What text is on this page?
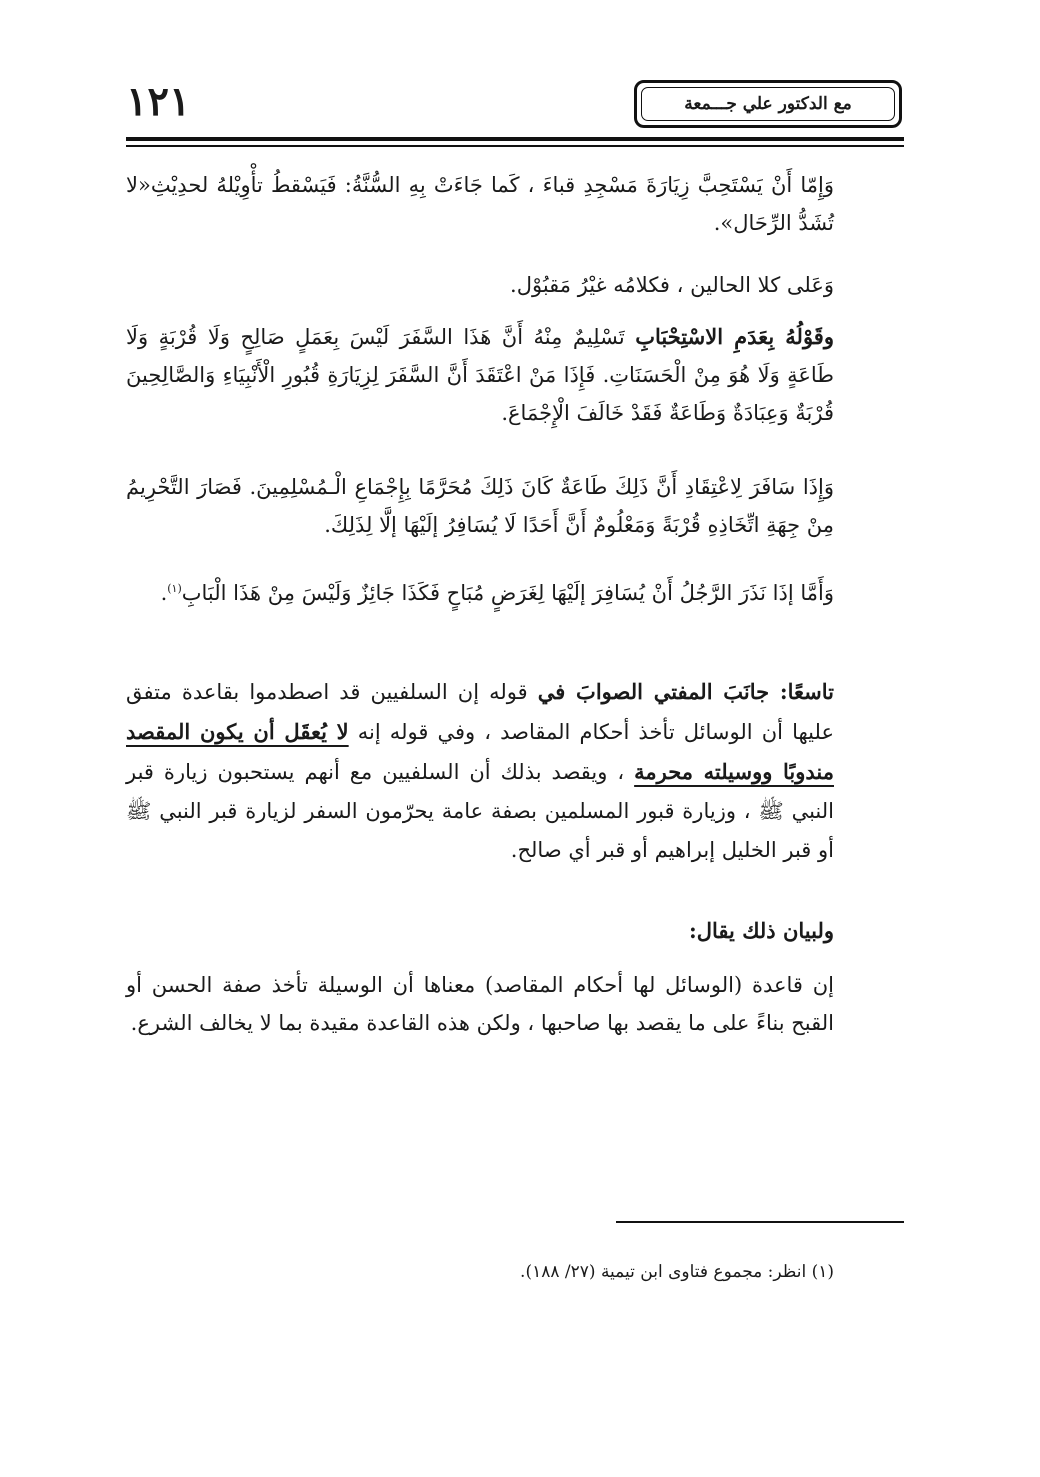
١٢١	مع الدكتور علي جـــمعة

وَإِمّا أَنْ يَسْتَحِبَّ زِيَارَةَ مَسْجِدِ قباءَ ، كَما جَاءَتْ بِهِ السُّنَّةُ: فَيَسْقطُ تأْوِيْلهُ لحدِيْثِ«لا تُشَدُّ الرِّحَال».

وَعَلى كلا الحالين ، فكلامُه غيْرُ مَقبُوْل.

وقَوْلُهُ بِعَدَمِ الاسْتِحْبَابِ تَسْلِيمٌ مِنْهُ أَنَّ هَذَا السَّفَرَ لَيْسَ بِعَمَلٍ صَالِحٍ وَلَا قُرْبَةٍ وَلَا طَاعَةٍ وَلَا هُوَ مِنْ الْحَسَنَاتِ. فَإِذَا مَنْ اعْتَقَدَ أَنَّ السَّفَرَ لِزِيَارَةِ قُبُورِ الْأَنْبِيَاءِ وَالصَّالِحِينَ قُرْبَةٌ وَعِبَادَةٌ وَطَاعَةٌ فَقَدْ خَالَفَ الْإِجْمَاعَ.

وَإِذَا سَافَرَ لِاعْتِقَادِ أَنَّ ذَلِكَ طَاعَةٌ كَانَ ذَلِكَ مُحَرَّمًا بِإِجْمَاعِ الْـمُسْلِمِينَ. فَصَارَ التَّحْرِيمُ مِنْ جِهَةِ اتِّخَاذِهِ قُرْبَةً وَمَعْلُومٌ أَنَّ أَحَدًا لَا يُسَافِرُ إلَيْهَا إلَّا لِذَلِكَ.

وَأَمَّا إذَا نَذَرَ الرَّجُلُ أَنْ يُسَافِرَ إلَيْهَا لِغَرَضٍ مُبَاحٍ فَكَذَا جَائِزٌ وَلَيْسَ مِنْ هَذَا الْبَابِ$^{(١)}$.

تاسعًا: جانَبَ المفتي الصوابَ في قوله إن السلفيين قد اصطدموا بقاعدة متفق عليها أن الوسائل تأخذ أحكام المقاصد ، وفي قوله إنه لا يُعقَل أن يكون المقصد مندوبًا ووسيلته محرمة ، ويقصد بذلك أن السلفيين مع أنهم يستحبون زيارة قبر النبي ﷺ ، وزيارة قبور المسلمين بصفة عامة يحرّمون السفر لزيارة قبر النبي ﷺ أو قبر الخليل إبراهيم أو قبر أي صالح.

ولبيان ذلك يقال:

إن قاعدة (الوسائل لها أحكام المقاصد) معناها أن الوسيلة تأخذ صفة الحسن أو القبح بناءً على ما يقصد بها صاحبها ، ولكن هذه القاعدة مقيدة بما لا يخالف الشرع.

(١) انظر: مجموع فتاوى ابن تيمية (٢٧/ ١٨٨).
